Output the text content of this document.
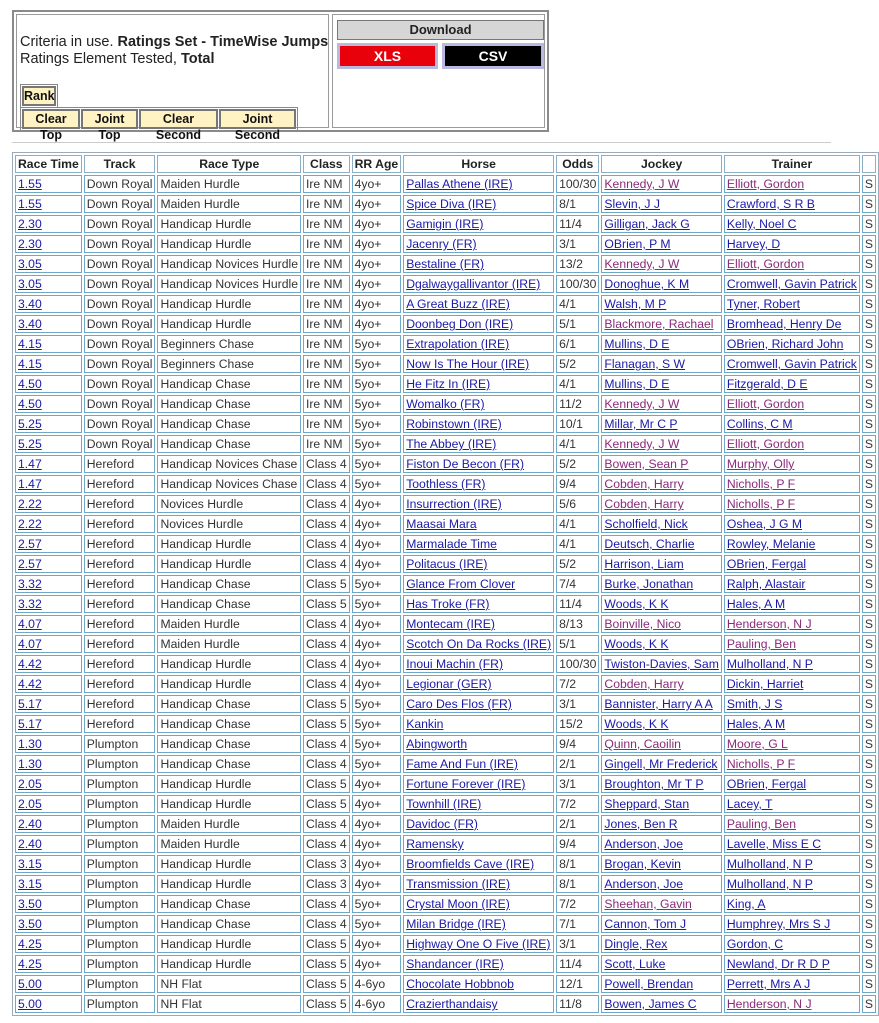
Criteria in use. Ratings Set - TimeWise Jumps
Ratings Element Tested, Total
Rank
Clear Top
Joint Top
Clear Second
Joint Second
Download
XLS	CSV
Race Time	Track	Race Type	Class	RR Age	Horse	Odds	Jockey	Trainer	
1.55	Down Royal	Maiden Hurdle	Ire NM	4yo+	Pallas Athene (IRE)	100/30	Kennedy, J W	Elliott, Gordon	S
1.55	Down Royal	Maiden Hurdle	Ire NM	4yo+	Spice Diva (IRE)	8/1	Slevin, J J	Crawford, S R B	S
2.30	Down Royal	Handicap Hurdle	Ire NM	4yo+	Gamigin (IRE)	11/4	Gilligan, Jack G	Kelly, Noel C	S
2.30	Down Royal	Handicap Hurdle	Ire NM	4yo+	Jacenry (FR)	3/1	OBrien, P M	Harvey, D	S
3.05	Down Royal	Handicap Novices Hurdle	Ire NM	4yo+	Bestaline (FR)	13/2	Kennedy, J W	Elliott, Gordon	S
3.05	Down Royal	Handicap Novices Hurdle	Ire NM	4yo+	Dgalwaygallivantor (IRE)	100/30	Donoghue, K M	Cromwell, Gavin Patrick	S
3.40	Down Royal	Handicap Hurdle	Ire NM	4yo+	A Great Buzz (IRE)	4/1	Walsh, M P	Tyner, Robert	S
3.40	Down Royal	Handicap Hurdle	Ire NM	4yo+	Doonbeg Don (IRE)	5/1	Blackmore, Rachael	Bromhead, Henry De	S
4.15	Down Royal	Beginners Chase	Ire NM	5yo+	Extrapolation (IRE)	6/1	Mullins, D E	OBrien, Richard John	S
4.15	Down Royal	Beginners Chase	Ire NM	5yo+	Now Is The Hour (IRE)	5/2	Flanagan, S W	Cromwell, Gavin Patrick	S
4.50	Down Royal	Handicap Chase	Ire NM	5yo+	He Fitz In (IRE)	4/1	Mullins, D E	Fitzgerald, D E	S
4.50	Down Royal	Handicap Chase	Ire NM	5yo+	Womalko (FR)	11/2	Kennedy, J W	Elliott, Gordon	S
5.25	Down Royal	Handicap Chase	Ire NM	5yo+	Robinstown (IRE)	10/1	Millar, Mr C P	Collins, C M	S
5.25	Down Royal	Handicap Chase	Ire NM	5yo+	The Abbey (IRE)	4/1	Kennedy, J W	Elliott, Gordon	S
1.47	Hereford	Handicap Novices Chase	Class 4	5yo+	Fiston De Becon (FR)	5/2	Bowen, Sean P	Murphy, Olly	S
1.47	Hereford	Handicap Novices Chase	Class 4	5yo+	Toothless (FR)	9/4	Cobden, Harry	Nicholls, P F	S
2.22	Hereford	Novices Hurdle	Class 4	4yo+	Insurrection (IRE)	5/6	Cobden, Harry	Nicholls, P F	S
2.22	Hereford	Novices Hurdle	Class 4	4yo+	Maasai Mara	4/1	Scholfield, Nick	Oshea, J G M	S
2.57	Hereford	Handicap Hurdle	Class 4	4yo+	Marmalade Time	4/1	Deutsch, Charlie	Rowley, Melanie	S
2.57	Hereford	Handicap Hurdle	Class 4	4yo+	Politacus (IRE)	5/2	Harrison, Liam	OBrien, Fergal	S
3.32	Hereford	Handicap Chase	Class 5	5yo+	Glance From Clover	7/4	Burke, Jonathan	Ralph, Alastair	S
3.32	Hereford	Handicap Chase	Class 5	5yo+	Has Troke (FR)	11/4	Woods, K K	Hales, A M	S
4.07	Hereford	Maiden Hurdle	Class 4	4yo+	Montecam (IRE)	8/13	Boinville, Nico	Henderson, N J	S
4.07	Hereford	Maiden Hurdle	Class 4	4yo+	Scotch On Da Rocks (IRE)	5/1	Woods, K K	Pauling, Ben	S
4.42	Hereford	Handicap Hurdle	Class 4	4yo+	Inoui Machin (FR)	100/30	Twiston-Davies, Sam	Mulholland, N P	S
4.42	Hereford	Handicap Hurdle	Class 4	4yo+	Legionar (GER)	7/2	Cobden, Harry	Dickin, Harriet	S
5.17	Hereford	Handicap Chase	Class 5	5yo+	Caro Des Flos (FR)	3/1	Bannister, Harry A A	Smith, J S	S
5.17	Hereford	Handicap Chase	Class 5	5yo+	Kankin	15/2	Woods, K K	Hales, A M	S
1.30	Plumpton	Handicap Chase	Class 4	5yo+	Abingworth	9/4	Quinn, Caoilin	Moore, G L	S
1.30	Plumpton	Handicap Chase	Class 4	5yo+	Fame And Fun (IRE)	2/1	Gingell, Mr Frederick	Nicholls, P F	S
2.05	Plumpton	Handicap Hurdle	Class 5	4yo+	Fortune Forever (IRE)	3/1	Broughton, Mr T P	OBrien, Fergal	S
2.05	Plumpton	Handicap Hurdle	Class 5	4yo+	Townhill (IRE)	7/2	Sheppard, Stan	Lacey, T	S
2.40	Plumpton	Maiden Hurdle	Class 4	4yo+	Davidoc (FR)	2/1	Jones, Ben R	Pauling, Ben	S
2.40	Plumpton	Maiden Hurdle	Class 4	4yo+	Ramensky	9/4	Anderson, Joe	Lavelle, Miss E C	S
3.15	Plumpton	Handicap Hurdle	Class 3	4yo+	Broomfields Cave (IRE)	8/1	Brogan, Kevin	Mulholland, N P	S
3.15	Plumpton	Handicap Hurdle	Class 3	4yo+	Transmission (IRE)	8/1	Anderson, Joe	Mulholland, N P	S
3.50	Plumpton	Handicap Chase	Class 4	5yo+	Crystal Moon (IRE)	7/2	Sheehan, Gavin	King, A	S
3.50	Plumpton	Handicap Chase	Class 4	5yo+	Milan Bridge (IRE)	7/1	Cannon, Tom J	Humphrey, Mrs S J	S
4.25	Plumpton	Handicap Hurdle	Class 5	4yo+	Highway One O Five (IRE)	3/1	Dingle, Rex	Gordon, C	S
4.25	Plumpton	Handicap Hurdle	Class 5	4yo+	Shandancer (IRE)	11/4	Scott, Luke	Newland, Dr R D P	S
5.00	Plumpton	NH Flat	Class 5	4-6yo	Chocolate Hobbnob	12/1	Powell, Brendan	Perrett, Mrs A J	S
5.00	Plumpton	NH Flat	Class 5	4-6yo	Crazierthandaisy	11/8	Bowen, James C	Henderson, N J	S
